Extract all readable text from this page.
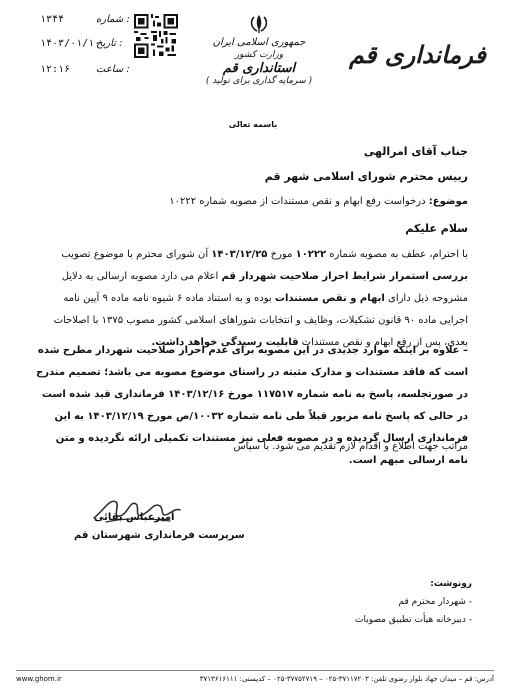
فرمانداری قم
جمهوری اسلامی ایران
وزارت کشور
استانداری قم
( سرمایه گذاری برای تولید )
شماره :
۱۳۴۴
تاریخ :
۱۴۰۳/۰۱/۱۰
ساعت :
۱۲:۱۶
باسمه تعالی
جناب آقای امرالهی
رییس محترم شورای اسلامی شهر قم
موضوع: درخواست رفع ابهام و نقص مستندات از مصوبه شماره ۱۰۲۲۲
سلام علیکم
با احترام، عطف به مصوبه شماره ۱۰۲۲۲ مورخ ۱۴۰۳/۱۲/۲۵ آن شورای محترم با موضوع تصویب بررسی استمرار شرایط احراز صلاحیت شهردار قم اعلام می دارد مصوبه ارسالی به دلایل مشروحه ذیل دارای ابهام و نقص مستندات بوده و به استناد ماده ۶ شیوه نامه ماده ۹ آیین نامه اجرایی ماده ۹۰ قانون تشکیلات، وظایف و انتخابات شوراهای اسلامی کشور مصوب ۱۳۷۵ با اصلاحات بعدی، پس از رفع ابهام و نقص مستندات قابلیت رسیدگی خواهد داشت.
– علاوه بر اینکه موارد جدیدی در این مصوبه برای عدم احراز صلاحیت شهردار مطرح شده است که فاقد مستندات و مدارک مثبته در راستای موضوع مصوبه می باشد؛ تصمیم مندرج در صورتجلسه، پاسخ به نامه شماره ۱۱۷۵۱۷ مورخ ۱۴۰۳/۱۲/۱۶ فرمانداری قید شده است در حالی که پاسخ نامه مزبور قبلاً طی نامه شماره ۱۰۰۳۲/ص مورخ ۱۴۰۳/۱۲/۱۹ به این فرمانداری ارسال گردیده و در مصوبه فعلی نیز مستندات تکمیلی ارائه نگردیده و متن نامه ارسالی مبهم است.
مراتب جهت اطلاع و اقدام لازم تقدیم می شود. با سپاس
امیرعباس بقائی
سرپرست فرمانداری شهرستان قم
رونوشت:
- شهردار محترم قم
- دبیرخانه هیأت تطبیق مصوبات
آدرس: قم – میدان جهاد بلوار رضوی تلفن: ۳۷۱۱۷۲۰۳-۰۲۵ – ۳۷۷۵۲۷۱۹-۰۲۵ – کدپستی: ۳۷۱۳۶۱۶۱۱۱
www.ghom.ir
